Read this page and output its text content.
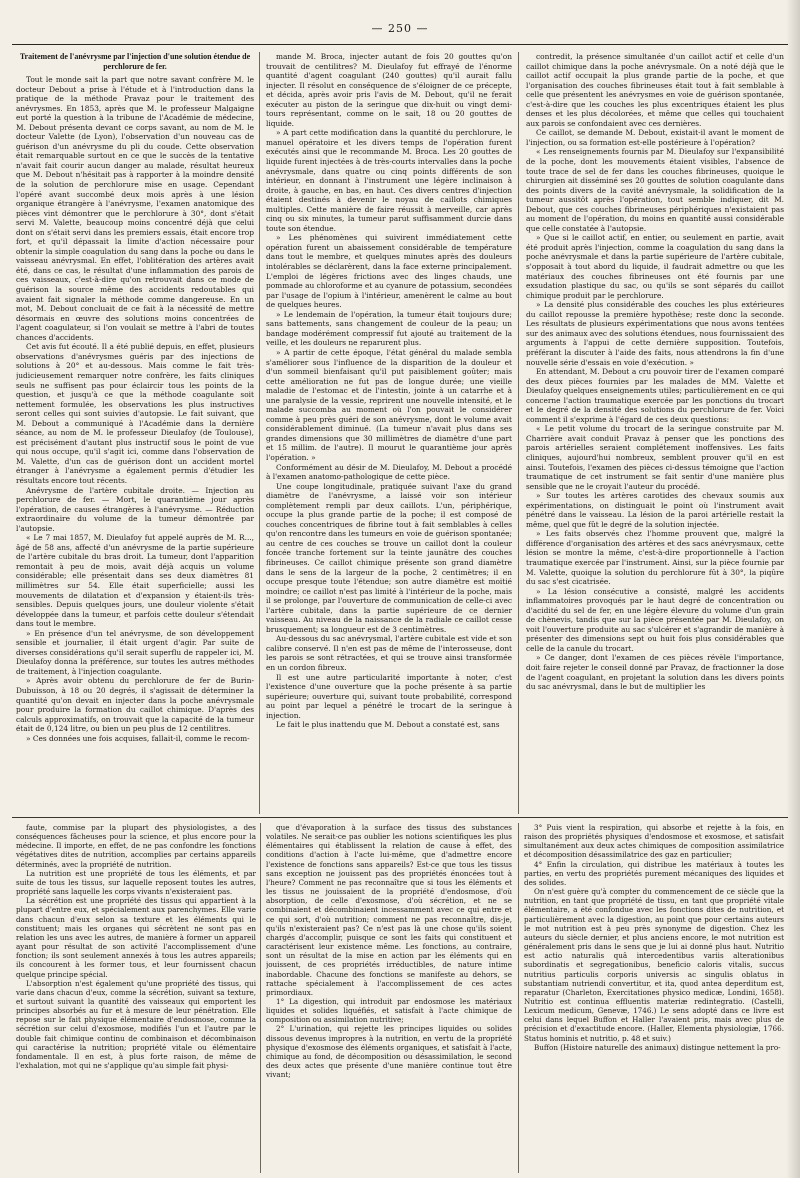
— 250 —
Traitement de l'anévrysme par l'injection d'une solution étendue de perchlorure de fer.

Tout le monde sait la part que notre savant confrère M. le docteur Debout a prise à l'étude et à l'introduction dans la pratique de la méthode Pravaz pour le traitement des anévrysmes. En 1853, après que M. le professeur Malgaigne eut porté la question à la tribune de l'Académie de médecine, M. Debout présenta devant ce corps savant, au nom de M. le docteur Valette (de Lyon), l'observation d'un nouveau cas de guérison d'un anévrysme du pli du coude. Cette observation était remarquable surtout en ce que le succès de la tentative n'avait fait courir aucun danger au malade, résultat heureux que M. Debout n'hésitait pas à rapporter à la moindre densité de la solution de perchlorure mise en usage. Cependant l'opéré avant succombé deux mois après à une lésion organique étrangère à l'anévrysme, l'examen anatomique des pièces vint démontrer que le perchlorure à 30°, dont s'était servi M. Valette, beaucoup moins concentré déjà que celui dont on s'était servi dans les premiers essais, était encore trop fort, et qu'il dépassait la limite d'action nécessaire pour obtenir la simple coagulation du sang dans la poche ou dans le vaisseau anévrysmal. En effet, l'oblitération des artères avait été, dans ce cas, le résultat d'une inflammation des parois de ces vaisseaux, c'est-à-dire qu'on retrouvait dans ce mode de guérison la source même des accidents redoutables qui avaient fait signaler la méthode comme dangereuse. En un mot, M. Debout concluait de ce fait à la nécessité de mettre désormais en œuvre des solutions moins concentrées de l'agent coagulateur, si l'on voulait se mettre à l'abri de toutes chances d'accidents.

Cet avis fut écouté. Il a été publié depuis, en effet, plusieurs observations d'anévrysmes guéris par des injections de solutions à 20° et au-dessous. Mais comme le fait très-judicieusement remarquer notre confrère, les faits cliniques seuls ne suffisent pas pour éclaircir tous les points de la question, et jusqu'à ce que la méthode coagulante soit nettement formulée, les observations les plus instructives seront celles qui sont suivies d'autopsie. Le fait suivant, que M. Debout a communiqué à l'Académie dans la dernière séance, au nom de M. le professeur Dieulafoy (de Toulouse), est précisément d'autant plus instructif sous le point de vue qui nous occupe, qu'il s'agit ici, comme dans l'observation de M. Valette, d'un cas de guérison dont un accident mortel étranger à l'anévrysme a également permis d'étudier les résultats encore tout récents.

Anévrysme de l'artère cubitale droite. — Injection au perchlorure de fer. — Mort, le quarantième jour après l'opération, de causes étrangères à l'anévrysme. — Réduction extraordinaire du volume de la tumeur démontrée par l'autopsie.

« Le 7 mai 1857, M. Dieulafoy fut appelé auprès de M. R..., âgé de 58 ans, affecté d'un anévrysme de la partie supérieure de l'artère cubitale du bras droit. La tumeur, dont l'apparition remontait à peu de mois, avait déjà acquis un volume considérable; elle présentait dans ses deux diamètres 81 millimètres sur 54. Elle était superficielle; aussi les mouvements de dilatation et d'expansion y étaient-ils très-sensibles. Depuis quelques jours, une douleur violente s'était développée dans la tumeur, et parfois cette douleur s'étendait dans tout le membre.

» En présence d'un tel anévrysme, de son développement sensible et journalier, il était urgent d'agir. Par suite de diverses considérations qu'il serait superflu de rappeler ici, M. Dieulafoy donna la préférence, sur toutes les autres méthodes de traitement, à l'injection coagulante.

» Après avoir obtenu du perchlorure de fer de Burin-Dubuisson, à 18 ou 20 degrés, il s'agissait de déterminer la quantité qu'on devait en injecter dans la poche anévrysmale pour produire la formation du caillot chimique. D'après des calculs approximatifs, on trouvait que la capacité de la tumeur était de 0,124 litre, ou bien un peu plus de 12 centilitres.

» Ces données une fois acquises, fallait-il, comme le recom-

mande M. Broca, injecter autant de fois 20 gouttes qu'on trouvait de centilitres? M. Dieulafoy fut effrayé de l'énorme quantité d'agent coagulant (240 gouttes) qu'il aurait fallu injecter. Il résolut en conséquence de s'éloigner de ce précepte, et décida, après avoir pris l'avis de M. Debout, qu'il ne ferait exécuter au piston de la seringue que dix-huit ou vingt demi-tours représentant, comme on le sait, 18 ou 20 gouttes de liquide.

» A part cette modification dans la quantité du perchlorure, le manuel opératoire et les divers temps de l'opération furent exécutés ainsi que le recommande M. Broca. Les 20 gouttes de liquide furent injectées à de très-courts intervalles dans la poche anévrysmale, dans quatre ou cinq points différents de son intérieur, en donnant à l'instrument une légère inclinaison à droite, à gauche, en bas, en haut. Ces divers centres d'injection étaient destinés à devenir le noyau de caillots chimiques multiples. Cette manière de faire réussit à merveille, car après cinq ou six minutes, la tumeur parut suffisamment durcie dans toute son étendue.

» Les phénomènes qui suivirent immédiatement cette opération furent un abaissement considérable de température dans tout le membre, et quelques minutes après des douleurs intolérables se déclarèrent, dans la face externe principalement. L'emploi de légères frictions avec des linges chauds, une pommade au chloroforme et au cyanure de potassium, secondées par l'usage de l'opium à l'intérieur, amenèrent le calme au bout de quelques heures.

» Le lendemain de l'opération, la tumeur était toujours dure; sans battements, sans changement de couleur de la peau; un bandage modérément compressif fut ajouté au traitement de la veille, et les douleurs ne reparurent plus.

» A partir de cette époque, l'état général du malade sembla s'améliorer sous l'influence de la disparition de la douleur et d'un sommeil bienfaisant qu'il put paisiblement goûter; mais cette amélioration ne fut pas de longue durée; une vieille maladie de l'estomac et de l'intestin, jointe à un catarrhe et à une paralysie de la vessie, reprirent une nouvelle intensité, et le malade succomba au moment où l'on pouvait le considérer comme à peu près guéri de son anévrysme, dont le volume avait considérablement diminué. (La tumeur n'avait plus dans ses grandes dimensions que 30 millimètres de diamètre d'une part et 15 millim. de l'autre). Il mourut le quarantième jour après l'opération. »

Conformément au désir de M. Dieulafoy, M. Debout a procédé à l'examen anatomo-pathologique de cette pièce.

Une coupe longitudinale, pratiquée suivant l'axe du grand diamètre de l'anévrysme, a laissé voir son intérieur complètement rempli par deux caillots. L'un, périphérique, occupe la plus grande partie de la poche; il est composé de couches concentriques de fibrine tout à fait semblables à celles qu'on rencontre dans les tumeurs en voie de guérison spontanée; au centre de ces couches se trouve un caillot dont la couleur foncée tranche fortement sur la teinte jaunâtre des couches fibrineuses. Ce caillot chimique présente son grand diamètre dans le sens de la largeur de la poche, 2 centimètres; il en occupe presque toute l'étendue; son autre diamètre est moitié moindre; ce caillot n'est pas limité à l'intérieur de la poche, mais il se prolonge, par l'ouverture de communication de celle-ci avec l'artère cubitale, dans la partie supérieure de ce dernier vaisseau. Au niveau de la naissance de la radiale ce caillot cesse brusquement; sa longueur est de 3 centimètres.

Au-dessous du sac anévrysmal, l'artère cubitale est vide et son calibre conservé. Il n'en est pas de même de l'interosseuse, dont les parois se sont rétractées, et qui se trouve ainsi transformée en un cordon fibreux.

Il est une autre particularité importante à noter, c'est l'existence d'une ouverture que la poche présente à sa partie supérieure; ouverture qui, suivant toute probabilité, correspond au point par lequel a pénétré le trocart de la seringue à injection.

Le fait le plus inattendu que M. Debout a constaté est, sans

contredit, la présence simultanée d'un caillot actif et celle d'un caillot chimique dans la poche anévrysmale. On a noté déjà que le caillot actif occupait la plus grande partie de la poche, et que l'organisation des couches fibrineuses était tout à fait semblable à celle que présentent les anévrysmes en voie de guérison spontanée, c'est-à-dire que les couches les plus excentriques étaient les plus denses et les plus décolorées, et même que celles qui touchaient aux parois se confondaient avec ces dernières.

Ce caillot, se demande M. Debout, existait-il avant le moment de l'injection, ou sa formation est-elle postérieure à l'opération?

« Les renseignements fournis par M. Dieulafoy sur l'expansibilité de la poche, dont les mouvements étaient visibles, l'absence de toute trace de sel de fer dans les couches fibrineuses, quoique le chirurgien ait disséminé ses 20 gouttes de solution coagulante dans des points divers de la cavité anévrysmale, la solidification de la tumeur aussitôt après l'opération, tout semble indiquer, dit M. Debout, que ces couches fibrineuses périphériques n'existaient pas au moment de l'opération, du moins en quantité aussi considérable que celle constatée à l'autopsie.

» Que si le caillot actif, en entier, ou seulement en partie, avait été produit après l'injection, comme la coagulation du sang dans la poche anévrysmale et dans la partie supérieure de l'artère cubitale, s'opposait à tout abord du liquide, il faudrait admettre ou que les matériaux des couches fibrineuses ont été fournis par une exsudation plastique du sac, ou qu'ils se sont séparés du caillot chimique produit par le perchlorure.

» La densité plus considérable des couches les plus extérieures du caillot repousse la première hypothèse; reste donc la seconde. Les résultats de plusieurs expérimentations que nous avons tentées sur des animaux avec des solutions étendues, nous fournissaient des arguments à l'appui de cette dernière supposition. Toutefois, préférant la discuter à l'aide des faits, nous attendrons la fin d'une nouvelle série d'essais en voie d'exécution. »

En attendant, M. Debout a cru pouvoir tirer de l'examen comparé des deux pièces fournies par les malades de MM. Valette et Dieulafoy quelques enseignements utiles; particulièrement en ce qui concerne l'action traumatique exercée par les ponctions du trocart et le degré de la densité des solutions du perchlorure de fer. Voici comment il s'exprime à l'égard de ces deux questions:

« Le petit volume du trocart de la seringue construite par M. Charrière avait conduit Pravaz à penser que les ponctions des parois artérielles seraient complétement inoffensives. Les faits cliniques, aujourd'hui nombreux, semblent prouver qu'il en est ainsi. Toutefois, l'examen des pièces ci-dessus témoigne que l'action traumatique de cet instrument se fait sentir d'une manière plus sensible que ne le croyait l'auteur du procédé.

» Sur toutes les artères carotides des chevaux soumis aux expérimentations, on distinguait le point où l'instrument avait pénétré dans le vaisseau. La lésion de la paroi artérielle restait la même, quel que fût le degré de la solution injectée.

» Les faits observés chez l'homme prouvent que, malgré la différence d'organisation des artères et des sacs anévrysmaux, cette lésion se montre la même, c'est-à-dire proportionnelle à l'action traumatique exercée par l'instrument. Ainsi, sur la pièce fournie par M. Valette, quoique la solution du perchlorure fût à 30°, la piqûre du sac s'est cicatrisée.

» La lésion consécutive a consisté, malgré les accidents inflammatoires provoqués par le haut degré de concentration ou d'acidité du sel de fer, en une légère élevure du volume d'un grain de chènevis, tandis que sur la pièce présentée par M. Dieulafoy, on voit l'ouverture produite au sac s'ulcérer et s'agrandir de manière à présenter des dimensions sept ou huit fois plus considérables que celle de la canule du trocart.

» Ce danger, dont l'examen de ces pièces révèle l'importance, doit faire rejeter le conseil donné par Pravaz, de fractionner la dose de l'agent coagulant, en projetant la solution dans les divers points du sac anévrysmal, dans le but de multiplier les

faute, commise par la plupart des physiologistes, a des conséquences fâcheuses pour la science, et plus encore pour la médecine. Il importe, en effet, de ne pas confondre les fonctions végétatives dites de nutrition, accomplies par certains appareils déterminés, avec la propriété de nutrition.

La nutrition est une propriété de tous les éléments, et par suite de tous les tissus, sur laquelle reposent toutes les autres, propriété sans laquelle les corps vivants n'existeraient pas.

La sécrétion est une propriété des tissus qui appartient à la plupart d'entre eux, et spécialement aux parenchymes. Elle varie dans chacun d'eux selon sa texture et les éléments qui le constituent; mais les organes qui sécrètent ne sont pas en relation les uns avec les autres, de manière à former un appareil ayant pour résultat de son activité l'accomplissement d'une fonction; ils sont seulement annexés à tous les autres appareils; ils concourent à les former tous, et leur fournissent chacun quelque principe spécial.

L'absorption n'est également qu'une propriété des tissus, qui varie dans chacun d'eux, comme la sécrétion, suivant sa texture, et surtout suivant la quantité des vaisseaux qui emportent les principes absorbés au fur et à mesure de leur pénétration. Elle repose sur le fait physique élémentaire d'endosmose, comme la sécrétion sur celui d'exosmose, modifiés l'un et l'autre par le double fait chimique continu de combinaison et décombinaison qui caractérise la nutrition; propriété vitale ou élémentaire fondamentale. Il en est, à plus forte raison, de même de l'exhalation, mot qui ne s'applique qu'au simple fait physi-

que d'évaporation à la surface des tissus des substances volatiles. Ne serait-ce pas oublier les notions scientifiques les plus élémentaires qui établissent la relation de cause à effet, des conditions d'action à l'acte lui-même, que d'admettre encore l'existence de fonctions sans appareils? Est-ce que tous les tissus sans exception ne jouissent pas des propriétés énoncées tout à l'heure? Comment ne pas reconnaître que si tous les éléments et les tissus ne jouissaient de la propriété d'endosmose, d'où absorption, de celle d'exosmose, d'où sécrétion, et ne se combinaient et décombinaient incessamment avec ce qui entre et ce qui sort, d'où nutrition; comment ne pas reconnaître, dis-je, qu'ils n'existeraient pas? Ce n'est pas là une chose qu'ils soient chargés d'accomplir, puisque ce sont les faits qui constituent et caractérisent leur existence même. Les fonctions, au contraire, sont un résultat de la mise en action par les éléments qui en jouissent, de ces propriétés irréductibles, de nature intime inabordable. Chacune des fonctions se manifeste au dehors, se rattache spécialement à l'accomplissement de ces actes primordiaux.

1° La digestion, qui introduit par endosmose les matériaux liquides et solides liquéfiés, et satisfait à l'acte chimique de composition ou assimilation nutritive;

2° L'urination, qui rejette les principes liquides ou solides dissous devenus impropres à la nutrition, en vertu de la propriété physique d'exosmose des éléments organiques, et satisfait à l'acte, chimique au fond, de décomposition ou désassimilation, le second des deux actes que présente d'une manière continue tout être vivant;

3° Puis vient la respiration, qui absorbe et rejette à la fois, en raison des propriétés physiques d'endosmose et exosmose, et satisfait simultanément aux deux actes chimiques de composition assimilatrice et décomposition désassimilatrice des gaz en particulier;

4° Enfin la circulation, qui distribue les matériaux à toutes les parties, en vertu des propriétés purement mécaniques des liquides et des solides.

On n'est guère qu'à compter du commencement de ce siècle que la nutrition, en tant que propriété de tissu, en tant que propriété vitale élémentaire, a été confondue avec les fonctions dites de nutrition, et particulièrement avec la digestion, au point que pour certains auteurs le mot nutrition est à peu près synonyme de digestion. Chez les auteurs du siècle dernier, et plus anciens encore, le mot nutrition est généralement pris dans le sens que je lui ai donné plus haut. Nutritio est actio naturalis quâ intercedentibus variis alterationibus subordinatis et segregationibus, beneficio caloris vitalis, succus nutritius particulis corporis universis ac singulis oblatus in substantiam nutriendi convertitur, et ita, quod antea deperditum est, reparatur (Charleton, Exercitationes physico medicæ, Londini, 1658). Nutritio est continua effluentis materiæ redintegratio. (Castelli, Lexicum medicum, Genevæ, 1746.) Le sens adopté dans ce livre est celui dans lequel Buffon et Haller l'avaient pris, mais avec plus de précision et d'exactitude encore. (Haller, Elementa physiologiæ, 1766. Status hominis et nutritio, p. 48 et suiv.)

Buffon (Histoire naturelle des animaux) distingue nettement la pro-
